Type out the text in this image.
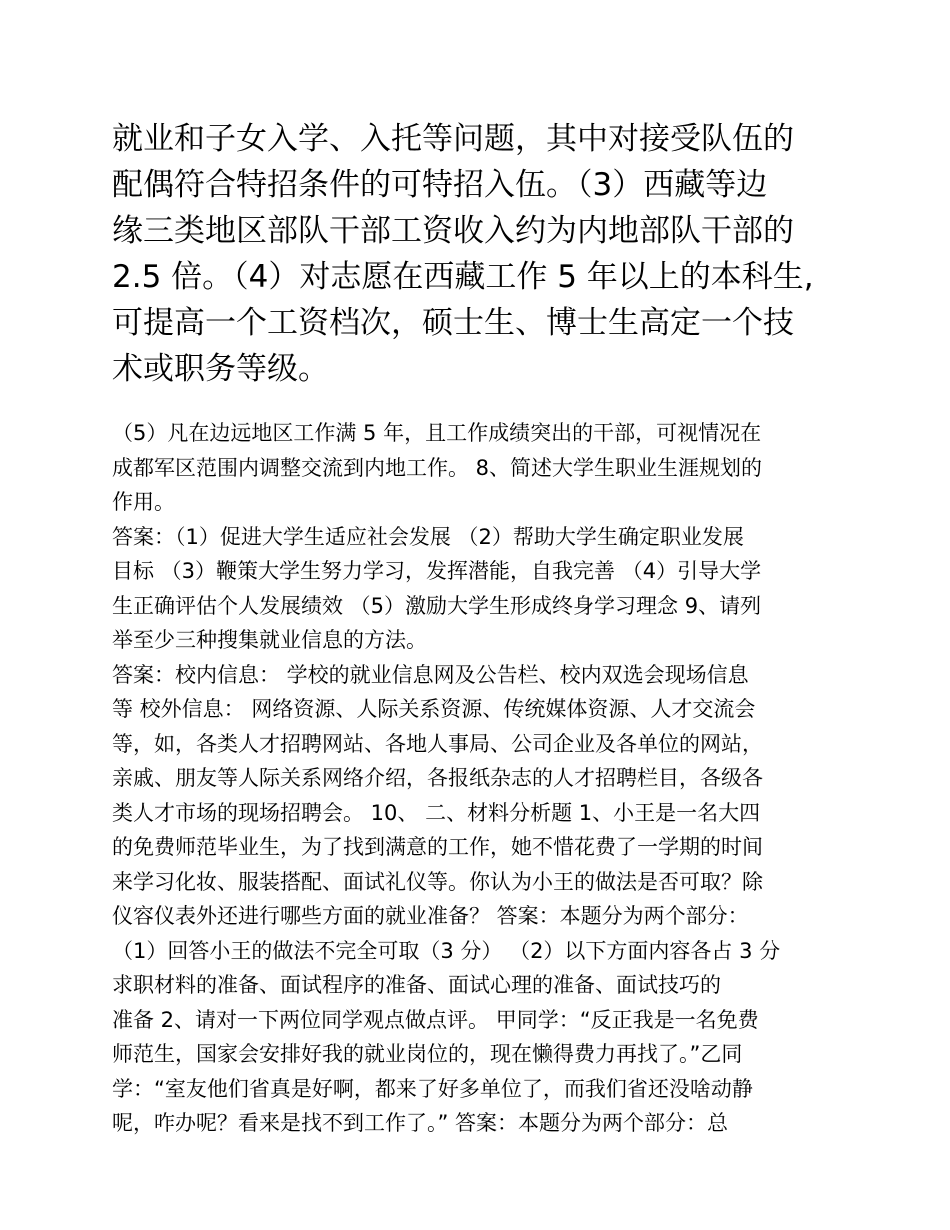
就业和子女入学、入托等问题，其中对接受队伍的
配偶符合特招条件的可特招入伍。（3）西藏等边
缘三类地区部队干部工资收入约为内地部队干部的
2.5 倍。（4）对志愿在西藏工作 5 年以上的本科生,
可提高一个工资档次，硕士生、博士生高定一个技
术或职务等级。
（5）凡在边远地区工作满 5 年，且工作成绩突出的干部，可视情况在
成都军区范围内调整交流到内地工作。 8、简述大学生职业生涯规划的
作用。
答案：（1）促进大学生适应社会发展 （2）帮助大学生确定职业发展
目标 （3）鞭策大学生努力学习，发挥潜能，自我完善 （4）引导大学
生正确评估个人发展绩效 （5）激励大学生形成终身学习理念 9、请列
举至少三种搜集就业信息的方法。
答案：校内信息： 学校的就业信息网及公告栏、校内双选会现场信息
等 校外信息： 网络资源、人际关系资源、传统媒体资源、人才交流会
等，如，各类人才招聘网站、各地人事局、公司企业及各单位的网站，
亲戚、朋友等人际关系网络介绍，各报纸杂志的人才招聘栏目，各级各
类人才市场的现场招聘会。 10、 二、材料分析题 1、小王是一名大四
的免费师范毕业生，为了找到满意的工作，她不惜花费了一学期的时间
来学习化妆、服装搭配、面试礼仪等。你认为小王的做法是否可取？除
仪容仪表外还进行哪些方面的就业准备？ 答案：本题分为两个部分：
（1）回答小王的做法不完全可取（3 分） （2）以下方面内容各占 3 分
求职材料的准备、面试程序的准备、面试心理的准备、面试技巧的
准备 2、请对一下两位同学观点做点评。 甲同学：“反正我是一名免费
师范生，国家会安排好我的就业岗位的，现在懒得费力再找了。”乙同
学：“室友他们省真是好啊，都来了好多单位了，而我们省还没啥动静
呢，咋办呢？看来是找不到工作了。” 答案：本题分为两个部分：总
